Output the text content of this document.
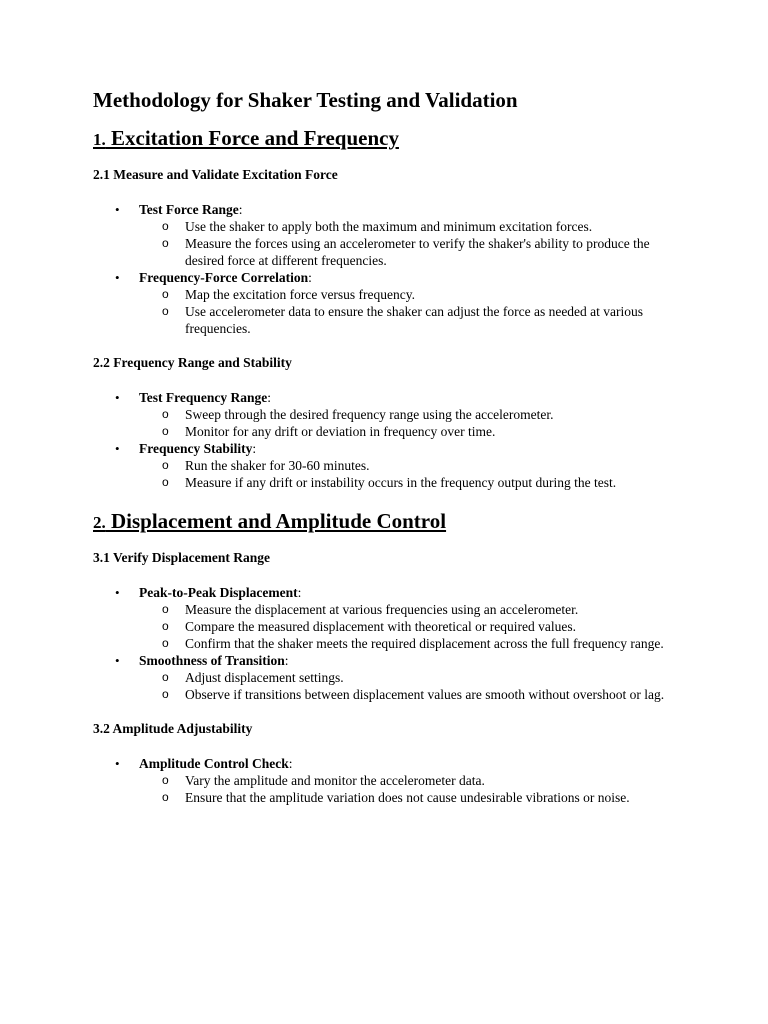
Methodology for Shaker Testing and Validation
1. Excitation Force and Frequency
2.1 Measure and Validate Excitation Force
• Test Force Range:
o Use the shaker to apply both the maximum and minimum excitation forces.
o Measure the forces using an accelerometer to verify the shaker's ability to produce the desired force at different frequencies.
• Frequency-Force Correlation:
o Map the excitation force versus frequency.
o Use accelerometer data to ensure the shaker can adjust the force as needed at various frequencies.
2.2 Frequency Range and Stability
• Test Frequency Range:
o Sweep through the desired frequency range using the accelerometer.
o Monitor for any drift or deviation in frequency over time.
• Frequency Stability:
o Run the shaker for 30-60 minutes.
o Measure if any drift or instability occurs in the frequency output during the test.
2. Displacement and Amplitude Control
3.1 Verify Displacement Range
• Peak-to-Peak Displacement:
o Measure the displacement at various frequencies using an accelerometer.
o Compare the measured displacement with theoretical or required values.
o Confirm that the shaker meets the required displacement across the full frequency range.
• Smoothness of Transition:
o Adjust displacement settings.
o Observe if transitions between displacement values are smooth without overshoot or lag.
3.2 Amplitude Adjustability
• Amplitude Control Check:
o Vary the amplitude and monitor the accelerometer data.
o Ensure that the amplitude variation does not cause undesirable vibrations or noise.
